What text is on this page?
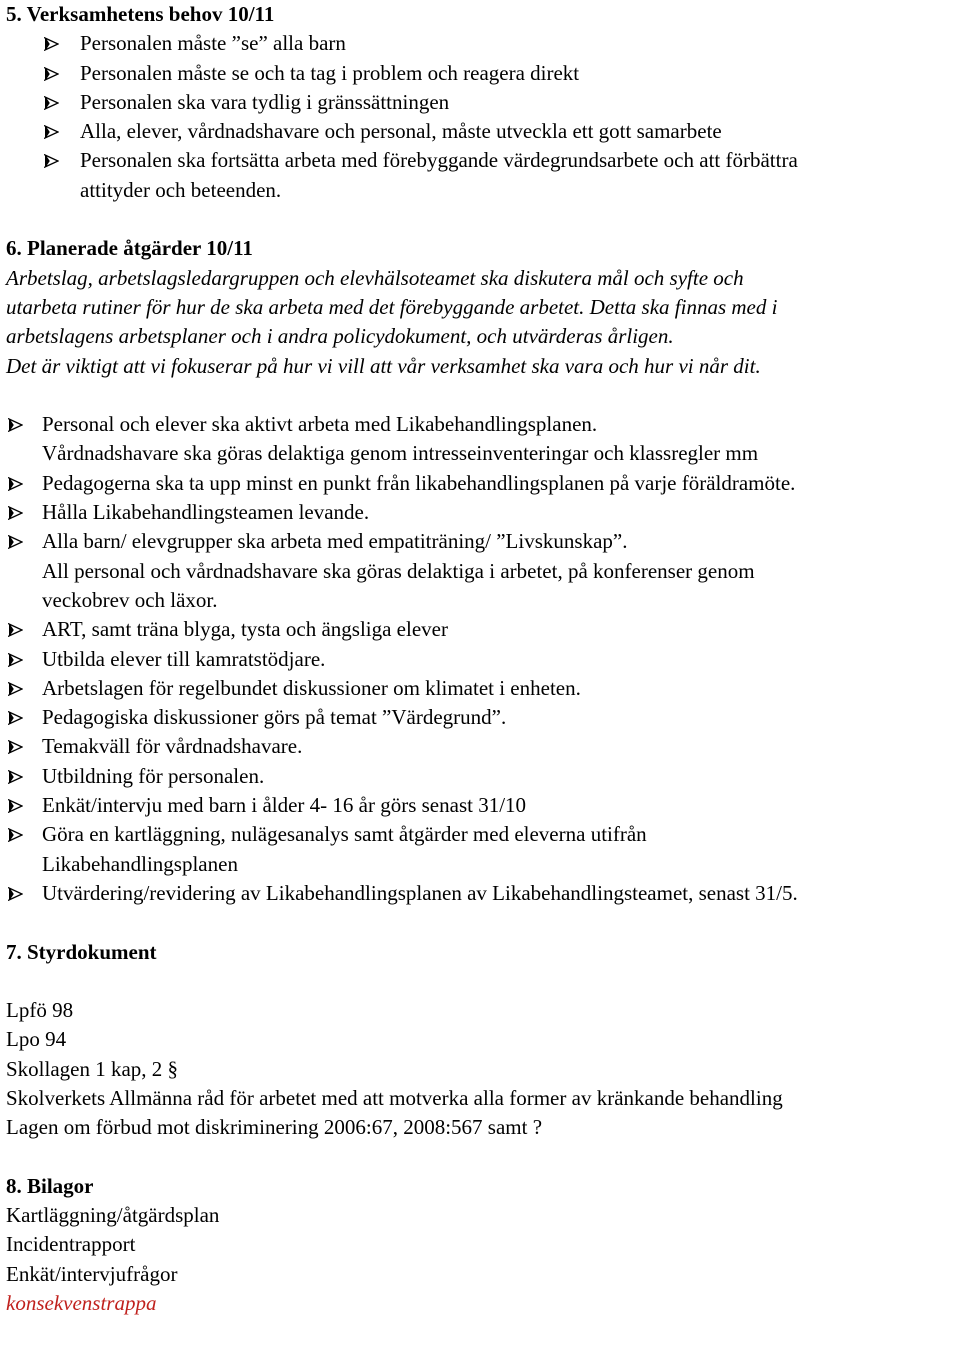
5. Verksamhetens behov 10/11
Personalen måste ”se” alla barn
Personalen måste se och ta tag i problem och reagera direkt
Personalen ska vara tydlig i gränssättningen
Alla, elever, vårdnadshavare och personal, måste utveckla ett gott samarbete
Personalen ska fortsätta arbeta med förebyggande värdegrundsarbete och att förbättra
attityder och beteenden.
6. Planerade åtgärder 10/11
Arbetslag, arbetslagsledargruppen och elevhälsoteamet ska diskutera mål och syfte och
utarbeta rutiner för hur de ska arbeta med det förebyggande arbetet. Detta ska finnas med i
arbetslagens arbetsplaner och i andra policydokument, och utvärderas årligen.
Det är viktigt att vi fokuserar på hur vi vill att vår verksamhet ska vara och hur vi når dit.
Personal och elever ska aktivt arbeta med Likabehandlingsplanen.
Vårdnadshavare ska göras delaktiga genom intresseinventeringar och klassregler mm
Pedagogerna ska ta upp minst en punkt från likabehandlingsplanen på varje föräldramöte.
Hålla Likabehandlingsteamen levande.
Alla barn/ elevgrupper ska arbeta med empatiträning/ ”Livskunskap”.
All personal och vårdnadshavare ska göras delaktiga i arbetet, på konferenser genom
veckobrev och läxor.
ART, samt träna blyga, tysta och ängsliga elever
Utbilda elever till kamratstödjare.
Arbetslagen för regelbundet diskussioner om klimatet i enheten.
Pedagogiska diskussioner görs på temat ”Värdegrund”.
Temakväll för vårdnadshavare.
Utbildning för personalen.
Enkät/intervju med barn i ålder 4- 16 år görs senast 31/10
Göra en kartläggning, nulägesanalys samt åtgärder med eleverna utifrån
Likabehandlingsplanen
Utvärdering/revidering av Likabehandlingsplanen av Likabehandlingsteamet, senast 31/5.
7. Styrdokument
Lpfö 98
Lpo 94
Skollagen 1 kap, 2 §
Skolverkets Allmänna råd för arbetet med att motverka alla former av kränkande behandling
Lagen om förbud mot diskriminering 2006:67, 2008:567 samt ?
8. Bilagor
Kartläggning/åtgärdsplan
Incidentrapport
Enkät/intervjufrågor
konsekvenstrappa
